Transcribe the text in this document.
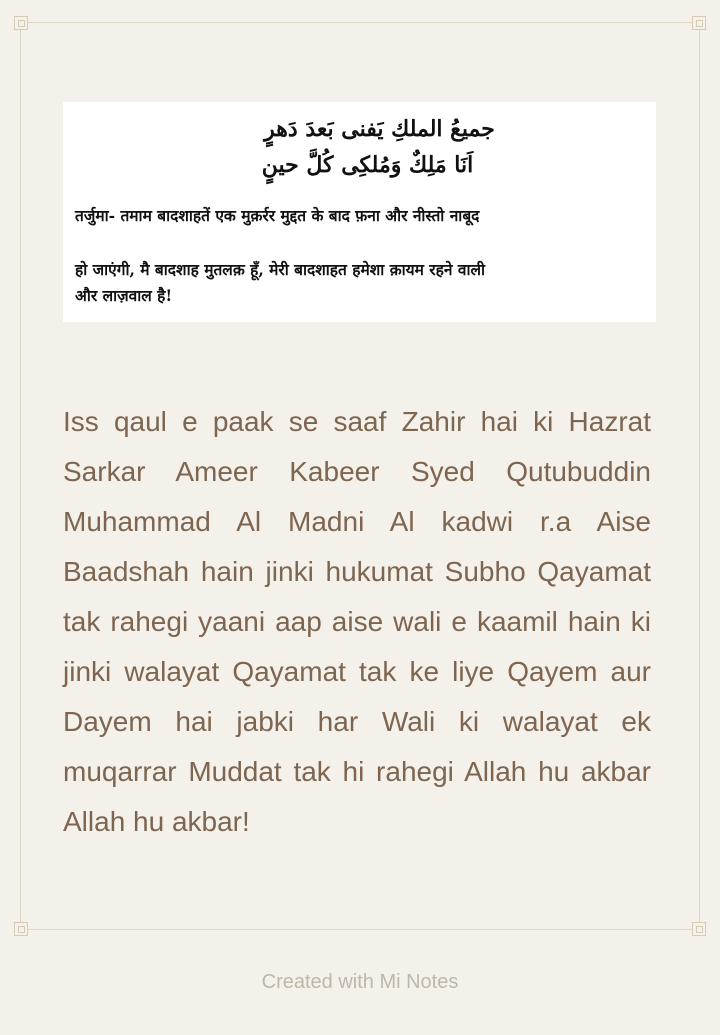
جميعُ الملكِ يَفنى بَعدَ دَهرٍ
اَنَا مَلِكٌ وَمُلكِى كُلَّ حينٍ
तर्जुमा- तमाम बादशाहतें एक मुक़र्रर मुद्दत के बाद फ़ना और नीस्तो नाबूद
हो जाएंगी, मै बादशाह मुतलक़ हूँ, मेरी बादशाहत हमेशा क़ायम रहने वाली
और लाज़वाल है!

Iss qaul e paak se saaf Zahir hai ki Hazrat Sarkar Ameer Kabeer Syed Qutubuddin Muhammad Al Madni Al kadwi r.a Aise Baadshah hain jinki hukumat Subho Qayamat tak rahegi yaani aap aise wali e kaamil hain ki jinki walayat Qayamat tak ke liye Qayem aur Dayem hai jabki har Wali ki walayat ek muqarrar Muddat tak hi rahegi Allah hu akbar Allah hu akbar!

Created with Mi Notes
